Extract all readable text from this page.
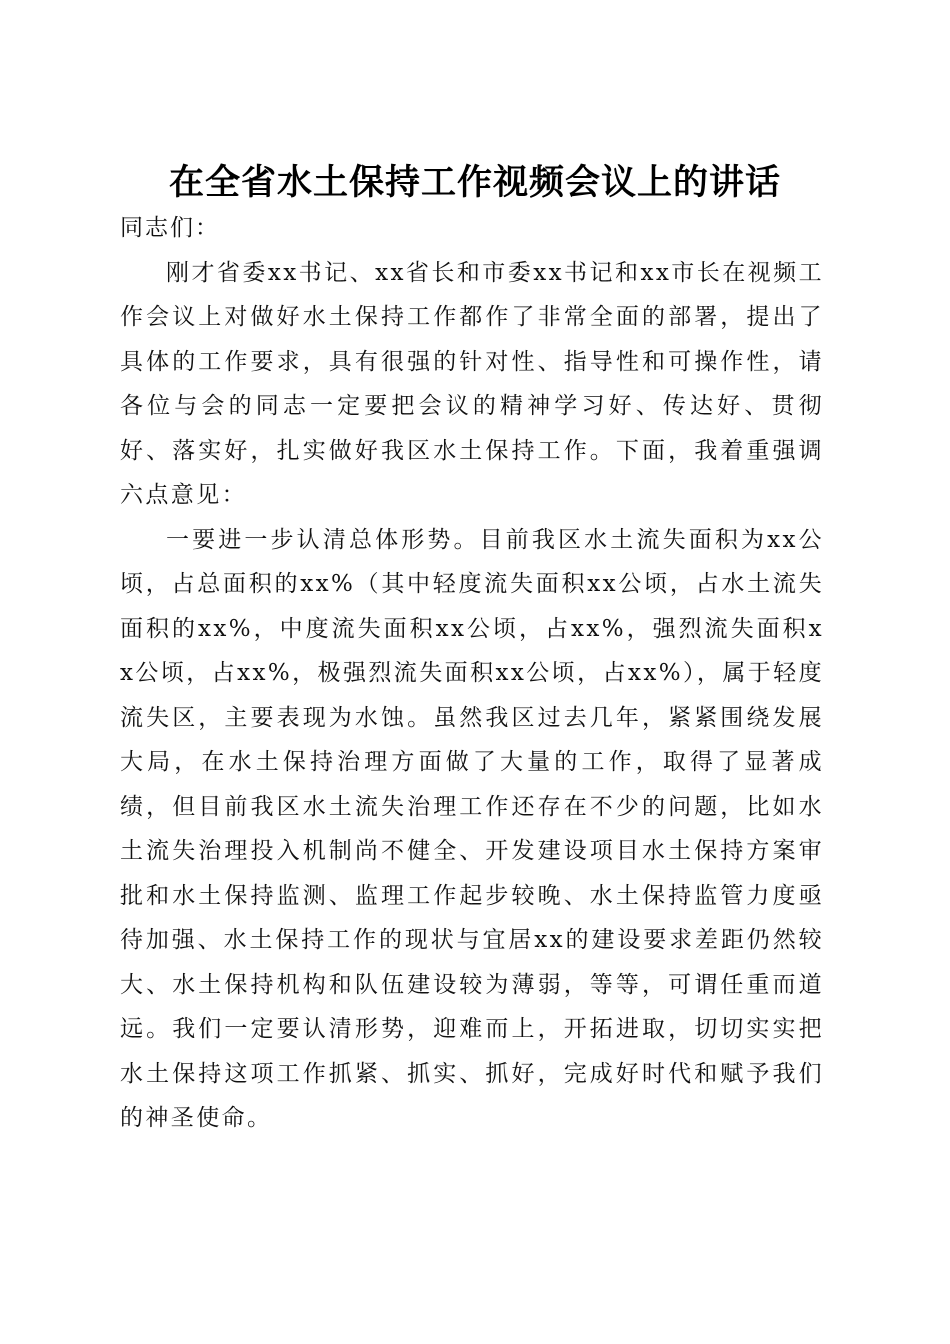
在全省水土保持工作视频会议上的讲话
同志们：

刚才省委xx书记、xx省长和市委xx书记和xx市长在视频工作会议上对做好水土保持工作都作了非常全面的部署，提出了具体的工作要求，具有很强的针对性、指导性和可操作性，请各位与会的同志一定要把会议的精神学习好、传达好、贯彻好、落实好，扎实做好我区水土保持工作。下面，我着重强调六点意见：

一要进一步认清总体形势。目前我区水土流失面积为xx公顷，占总面积的xx%（其中轻度流失面积xx公顷，占水土流失面积的xx%，中度流失面积xx公顷，占xx%，强烈流失面积xx公顷，占xx%，极强烈流失面积xx公顷，占xx%），属于轻度流失区，主要表现为水蚀。虽然我区过去几年，紧紧围绕发展大局，在水土保持治理方面做了大量的工作，取得了显著成绩，但目前我区水土流失治理工作还存在不少的问题，比如水土流失治理投入机制尚不健全、开发建设项目水土保持方案审批和水土保持监测、监理工作起步较晚、水土保持监管力度亟待加强、水土保持工作的现状与宜居xx的建设要求差距仍然较大、水土保持机构和队伍建设较为薄弱，等等，可谓任重而道远。我们一定要认清形势，迎难而上，开拓进取，切切实实把水土保持这项工作抓紧、抓实、抓好，完成好时代和赋予我们的神圣使命。
